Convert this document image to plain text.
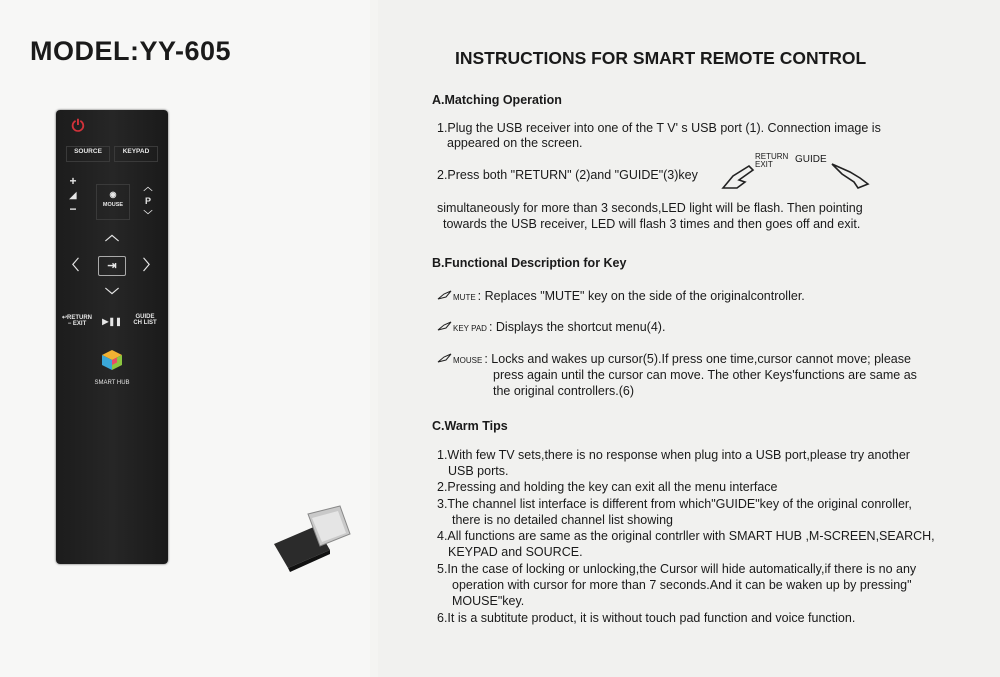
MODEL:YY-605
⏻
SOURCE	KEYPAD
+
◢
−
◉
MOUSE
︿
P
﹀
︿
〈	⇥	〉
﹀
↩RETURN
− EXIT	▶❚❚	GUIDE
CH LIST
SMART HUB
INSTRUCTIONS FOR SMART REMOTE CONTROL
A.Matching Operation
1.Plug the USB receiver into one of the T V' s USB port (1). Connection image is
appeared on the screen.
2.Press both "RETURN" (2)and "GUIDE"(3)key
RETURN
EXIT	GUIDE
simultaneously for more than 3 seconds,LED light will be flash. Then pointing
towards the USB receiver, LED will flash 3 times and then goes off and exit.
B.Functional Description for Key
MUTE : Replaces "MUTE" key on the side of the originalcontroller.
KEY PAD : Displays the shortcut menu(4).
MOUSE : Locks and wakes up cursor(5).If press one time,cursor cannot move; please
press again until the cursor can move. The other Keys'functions are same as
the original controllers.(6)
C.Warm Tips
1.With few TV sets,there is no response when plug into a USB port,please try another
USB ports.
2.Pressing and holding the key can exit all the menu interface
3.The channel list interface is different from which"GUIDE"key of the original conroller,
there is no detailed channel list showing
4.All functions are same as the original contrller with SMART HUB ,M-SCREEN,SEARCH,
KEYPAD and SOURCE.
5.In the case of locking or unlocking,the Cursor will hide automatically,if there is no any
operation with cursor for more than 7 seconds.And it can be waken up by pressing"
MOUSE"key.
6.It is a subtitute product, it is without touch pad function and voice function.
